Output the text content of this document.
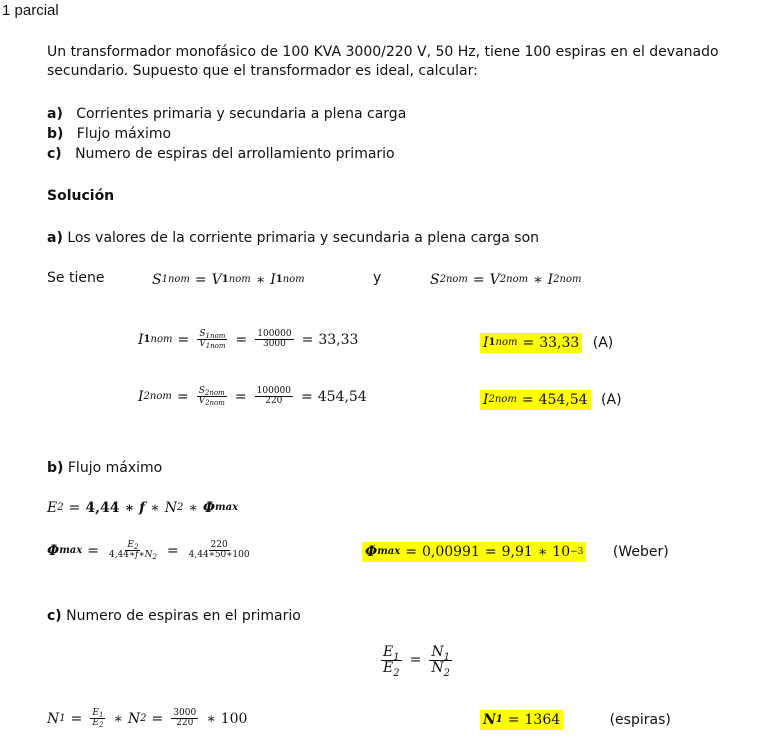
1 parcial
Un transformador monofásico de 100 KVA 3000/220 V, 50 Hz, tiene 100 espiras en el devanado
secundario. Supuesto que el transformador es ideal, calcular:
a) Corrientes primaria y secundaria a plena carga
b) Flujo máximo
c) Numero de espiras del arrollamiento primario
Solución
a) Los valores de la corriente primaria y secundaria a plena carga son
Se tiene	S 1nom = V 1nom ∗ I 1nom	y	S 2nom = V 2nom ∗ I 2nom
I $1nom = \frac{S_{1nom}}{V_{1nom}} = \frac{100000}{3000} = 33,33$	I 1nom = 33,33 (A)
I $2nom = \frac{S_{2nom}}{V_{2nom}} = \frac{100000}{220} = 454,54$	I 2nom = 454,54 (A)
b) Flujo máximo
E 2 = 4,44 ∗ f ∗ N 2 ∗ Φ max
Φ $\max = \frac{E_2}{4,44∗f∗N_2} = \frac{220}{4,44∗50∗100}$	Φ max = 0,00991 = 9,91 ∗ 10 −3 (Weber)
c) Numero de espiras en el primario
$\frac{E_1}{E_2} = \frac{N_1}{N_2}$
N $1 = \frac{E_1}{E_2}$ ∗ N $2 = \frac{3000}{220}$ ∗ 100	N 1 = 1364	(espiras)
